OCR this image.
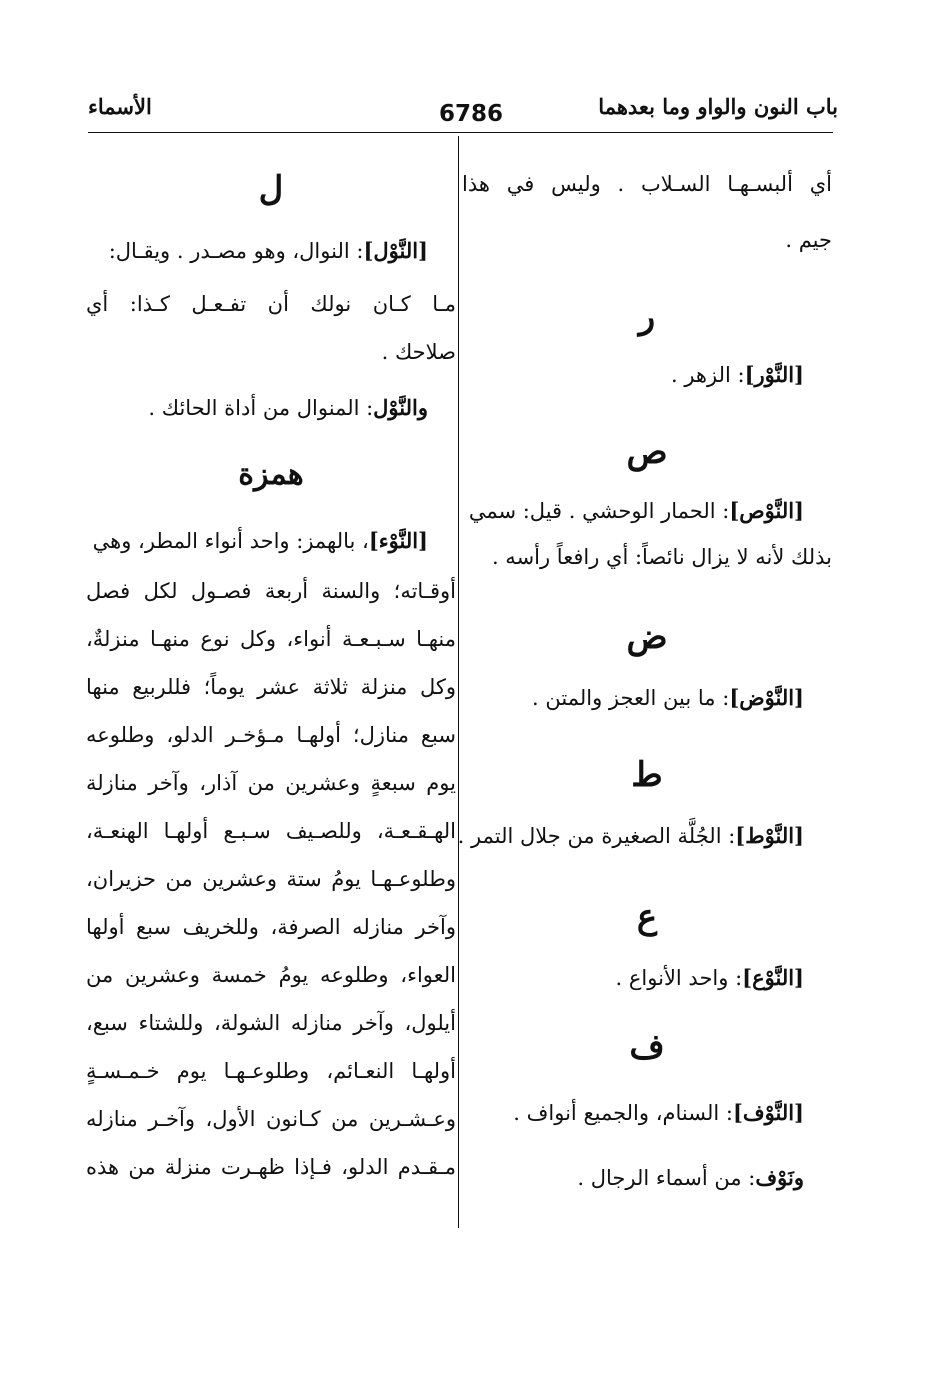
باب النون والواو وما بعدهما
6786
الأسماء
أي ألبسـهـا السـلاب . وليس في هذا
جيم .
ر
[النَّوْر]: الزهر .
ص
[النَّوْص]: الحمار الوحشي . قيل: سمي
بذلك لأنه لا يزال نائصاً: أي رافعاً رأسه .
ض
[النَّوْض]: ما بين العجز والمتن .
ط
[النَّوْط]: الجُلَّة الصغيرة من جلال التمر .
ع
[النَّوْع]: واحد الأنواع .
ف
[النَّوْف]: السنام، والجميع أنواف .
ونَوْف: من أسماء الرجال .
ل
[النَّوْل]: النوال، وهو مصـدر . ويقـال:
مـا كـان نولك أن تفـعـل كـذا: أي
صلاحك .
والنَّوْل: المنوال من أداة الحائك .
همزة
[النَّوْء]، بالهمز: واحد أنواء المطر، وهي
أوقـاته؛ والسنة أربعة فصـول لكل فصل
منهـا سـبـعـة أنواء، وكل نوع منهـا منزلةٌ،
وكل منزلة ثلاثة عشر يوماً؛ فللربيع منها
سبع منازل؛ أولهـا مـؤخـر الدلو، وطلوعه
يوم سبعةٍ وعشرين من آذار، وآخر منازلة
الهـقـعـة، وللصـيف سـبـع أولهـا الهنعـة،
وطلوعـهـا يومُ ستة وعشرين من حزيران،
وآخر منازله الصرفة، وللخريف سبع أولها
العواء، وطلوعه يومُ خمسة وعشرين من
أيلول، وآخر منازله الشولة، وللشتاء سبع،
أولهـا النعـائم، وطلوعـهـا يوم خـمـسـةٍ
وعـشـرين من كـانون الأول، وآخـر منازله
مـقـدم الدلو، فـإذا ظهـرت منزلة من هذه
